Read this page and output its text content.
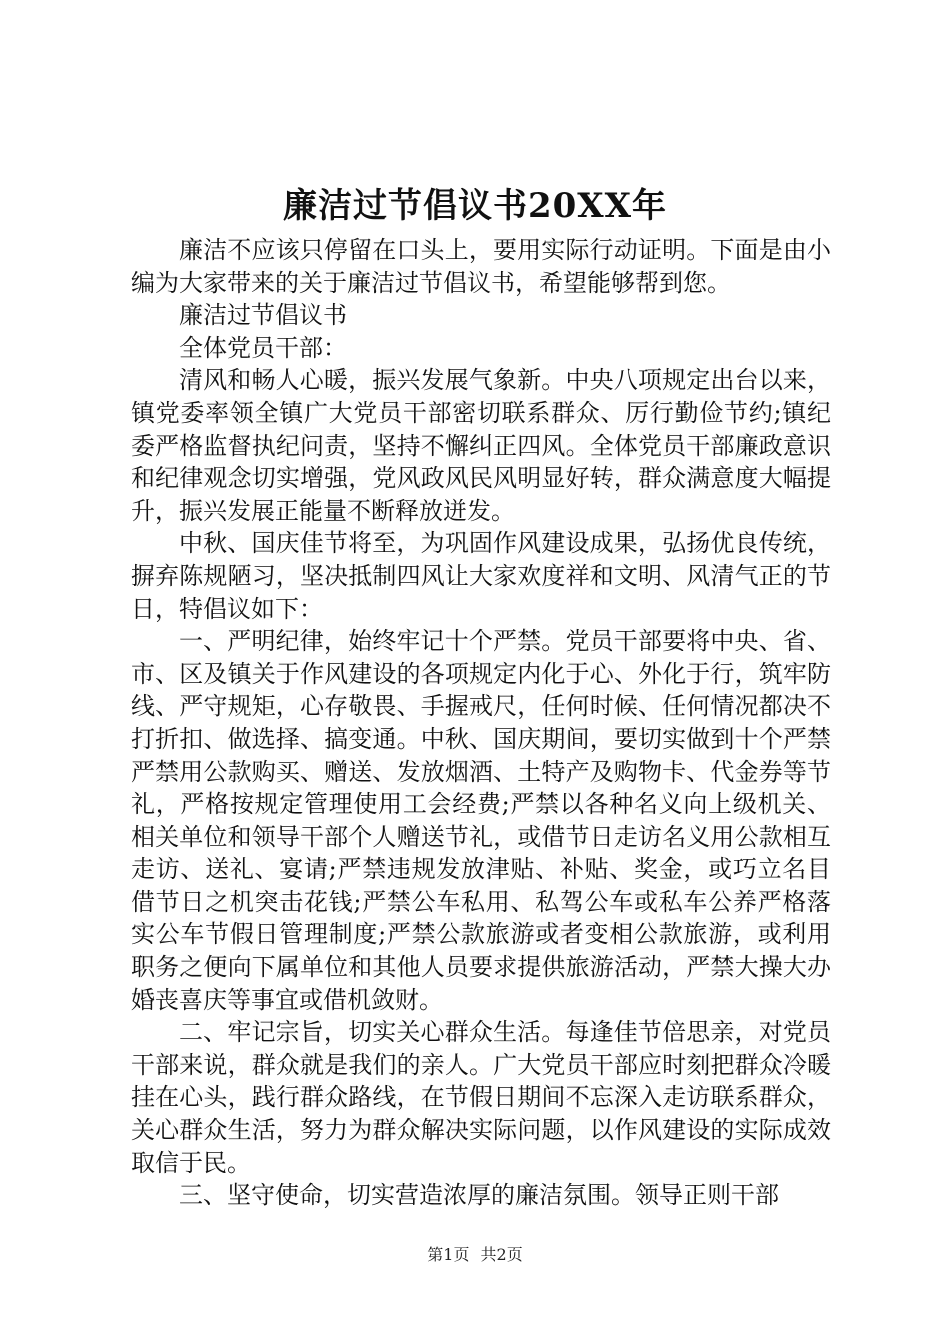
廉洁过节倡议书20XX年

廉洁不应该只停留在口头上，要用实际行动证明。下面是由小编为大家带来的关于廉洁过节倡议书，希望能够帮到您。

廉洁过节倡议书

全体党员干部：

清风和畅人心暖，振兴发展气象新。中央八项规定出台以来，镇党委率领全镇广大党员干部密切联系群众、厉行勤俭节约;镇纪委严格监督执纪问责，坚持不懈纠正四风。全体党员干部廉政意识和纪律观念切实增强，党风政风民风明显好转，群众满意度大幅提升，振兴发展正能量不断释放迸发。

中秋、国庆佳节将至，为巩固作风建设成果，弘扬优良传统，摒弃陈规陋习，坚决抵制四风让大家欢度祥和文明、风清气正的节日，特倡议如下：

一、严明纪律，始终牢记十个严禁。党员干部要将中央、省、市、区及镇关于作风建设的各项规定内化于心、外化于行，筑牢防线、严守规矩，心存敬畏、手握戒尺，任何时候、任何情况都决不打折扣、做选择、搞变通。中秋、国庆期间，要切实做到十个严禁严禁用公款购买、赠送、发放烟酒、土特产及购物卡、代金券等节礼，严格按规定管理使用工会经费;严禁以各种名义向上级机关、相关单位和领导干部个人赠送节礼，或借节日走访名义用公款相互走访、送礼、宴请;严禁违规发放津贴、补贴、奖金，或巧立名目借节日之机突击花钱;严禁公车私用、私驾公车或私车公养严格落实公车节假日管理制度;严禁公款旅游或者变相公款旅游，或利用职务之便向下属单位和其他人员要求提供旅游活动，严禁大操大办婚丧喜庆等事宜或借机敛财。

二、牢记宗旨，切实关心群众生活。每逢佳节倍思亲，对党员干部来说，群众就是我们的亲人。广大党员干部应时刻把群众冷暖挂在心头，践行群众路线，在节假日期间不忘深入走访联系群众，关心群众生活，努力为群众解决实际问题，以作风建设的实际成效取信于民。

三、坚守使命，切实营造浓厚的廉洁氛围。领导正则干部

第1页 共2页
